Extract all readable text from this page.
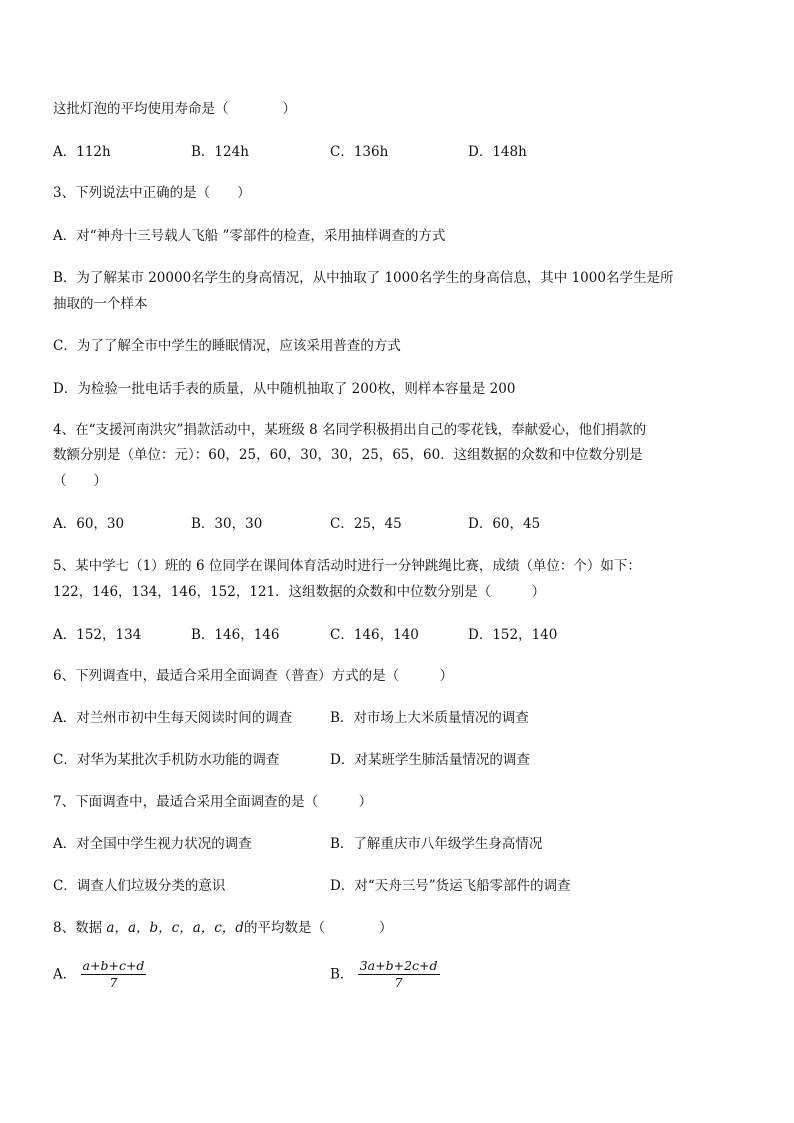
这批灯泡的平均使用寿命是（　　　　）
A．112h	B．124h	C．136h	D．148h
3、下列说法中正确的是（　　）
A．对“神舟十三号载人飞船 ”零部件的检查，采用抽样调查的方式
B．为了解某市 20000名学生的身高情况，从中抽取了 1000名学生的身高信息，其中 1000名学生是所
抽取的一个样本
C．为了了解全市中学生的睡眠情况，应该采用普查的方式
D．为检验一批电话手表的质量，从中随机抽取了 200枚，则样本容量是 200
4、在“支援河南洪灾”捐款活动中，某班级 8 名同学积极捐出自己的零花钱，奉献爱心，他们捐款的
数额分别是（单位：元）：60，25，60，30，30，25，65，60．这组数据的众数和中位数分别是
（　　）
A．60，30	B．30，30	C．25，45	D．60，45
5、某中学七（1）班的 6 位同学在课间体育活动时进行一分钟跳绳比赛，成绩（单位：个）如下：
122，146，134，146，152，121．这组数据的众数和中位数分别是（　　　）
A．152，134	B．146，146	C．146，140	D．152，140
6、下列调查中，最适合采用全面调查（普查）方式的是（　　　）
A．对兰州市初中生每天阅读时间的调查	B．对市场上大米质量情况的调查
C．对华为某批次手机防水功能的调查	D．对某班学生肺活量情况的调查
7、下面调查中，最适合采用全面调查的是（　　　）
A．对全国中学生视力状况的调查	B．了解重庆市八年级学生身高情况
C．调查人们垃圾分类的意识	D．对“天舟三号”货运飞船零部件的调查
8、数据 a，a，b，c，a，c，d的平均数是（　　　　）
A． $\frac{a+b+c+d}{7}$	B． $\frac{3a+b+2c+d}{7}$
